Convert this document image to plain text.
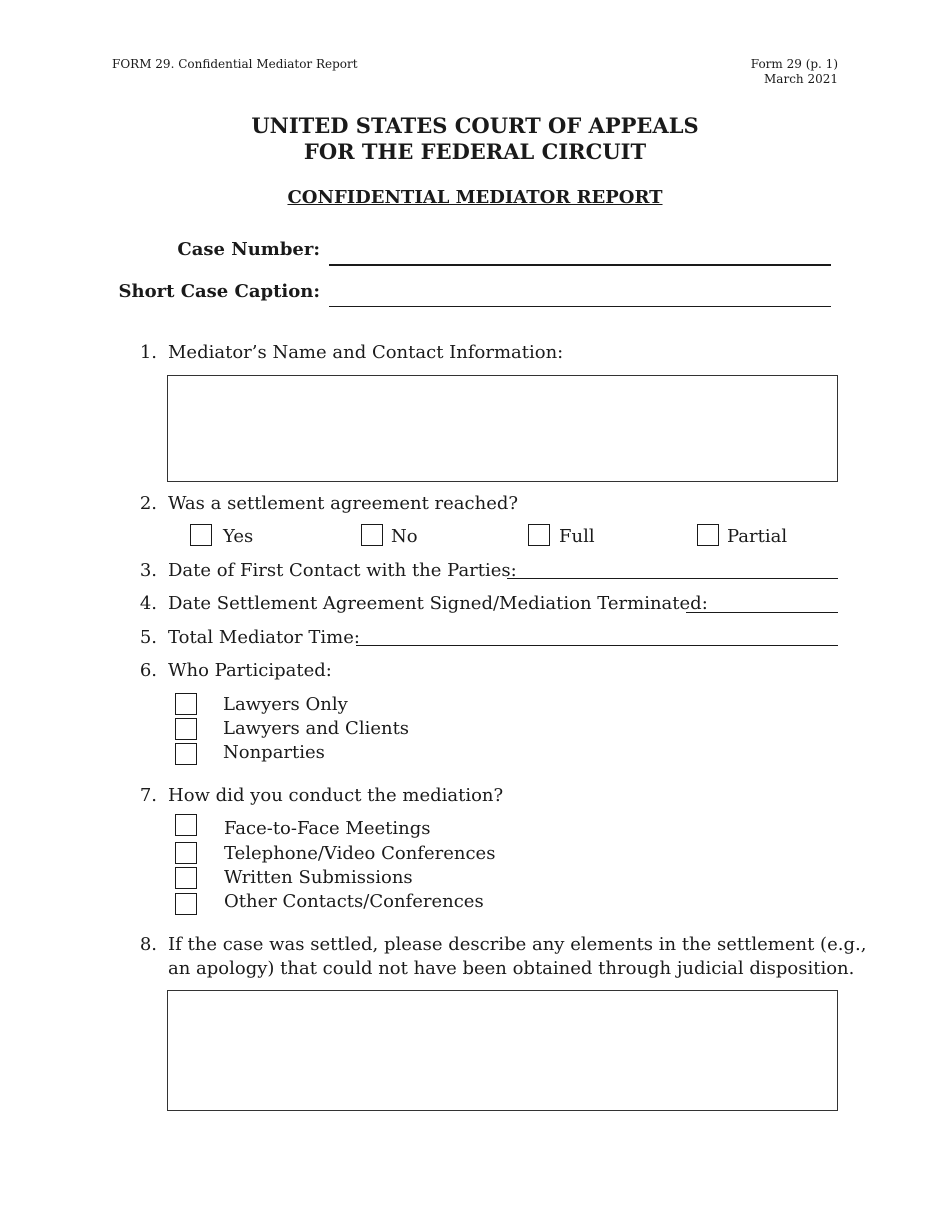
FORM 29. Confidential Mediator Report	Form 29 (p. 1)
March 2021
UNITED STATES COURT OF APPEALS
FOR THE FEDERAL CIRCUIT
CONFIDENTIAL MEDIATOR REPORT
Case Number:
Short Case Caption:
1. Mediator’s Name and Contact Information:
2. Was a settlement agreement reached?
Yes	No	Full	Partial
3. Date of First Contact with the Parties:
4. Date Settlement Agreement Signed/Mediation Terminated:
5. Total Mediator Time:
6. Who Participated:
Lawyers Only
Lawyers and Clients
Nonparties
7. How did you conduct the mediation?
Face-to-Face Meetings
Telephone/Video Conferences
Written Submissions
Other Contacts/Conferences
8. If the case was settled, please describe any elements in the settlement (e.g.,
an apology) that could not have been obtained through judicial disposition.
